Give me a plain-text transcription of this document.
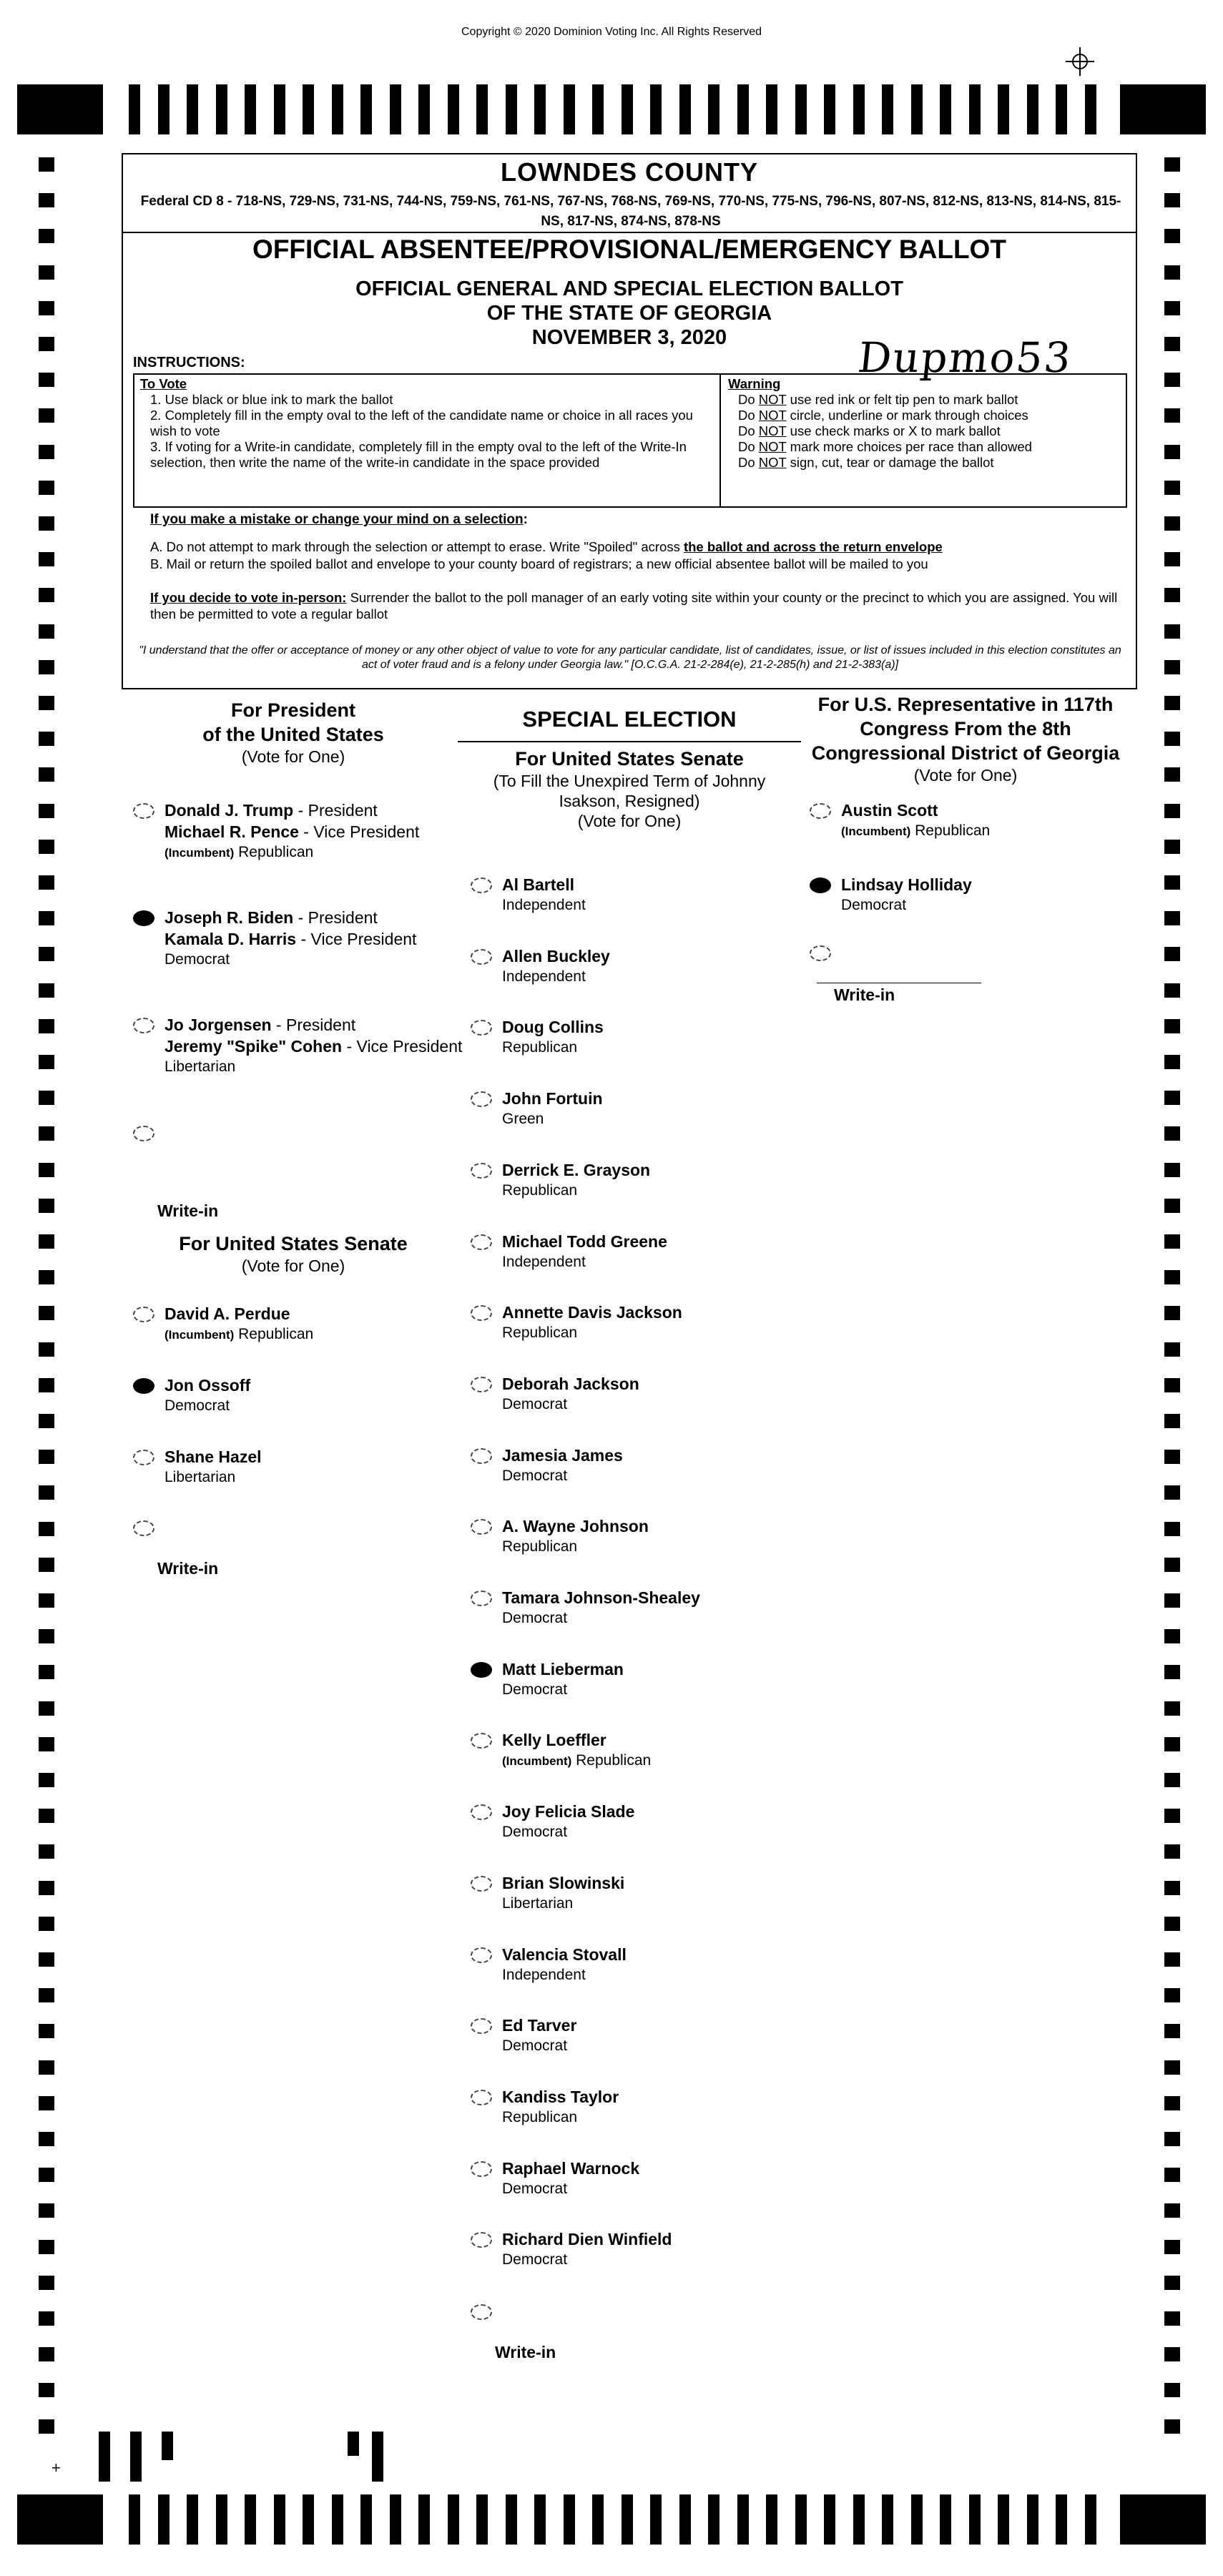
Copyright © 2020 Dominion Voting Inc. All Rights Reserved
+
LOWNDES COUNTY
Federal CD 8 - 718-NS, 729-NS, 731-NS, 744-NS, 759-NS, 761-NS, 767-NS, 768-NS, 769-NS, 770-NS, 775-NS, 796-NS, 807-NS, 812-NS, 813-NS, 814-NS, 815-NS, 817-NS, 874-NS, 878-NS
OFFICIAL ABSENTEE/PROVISIONAL/EMERGENCY BALLOT
OFFICIAL GENERAL AND SPECIAL ELECTION BALLOT
OF THE STATE OF GEORGIA
NOVEMBER 3, 2020
INSTRUCTIONS:
To Vote
1. Use black or blue ink to mark the ballot
2. Completely fill in the empty oval to the left of the candidate name or choice in all races you wish to vote
3. If voting for a Write-in candidate, completely fill in the empty oval to the left of the Write-In selection, then write the name of the write-in candidate in the space provided
Warning
Do NOT use red ink or felt tip pen to mark ballot
Do NOT circle, underline or mark through choices
Do NOT use check marks or X to mark ballot
Do NOT mark more choices per race than allowed
Do NOT sign, cut, tear or damage the ballot
If you make a mistake or change your mind on a selection:
A. Do not attempt to mark through the selection or attempt to erase. Write "Spoiled" across the ballot and across the return envelope
B. Mail or return the spoiled ballot and envelope to your county board of registrars; a new official absentee ballot will be mailed to you
If you decide to vote in-person: Surrender the ballot to the poll manager of an early voting site within your county or the precinct to which you are assigned. You will then be permitted to vote a regular ballot
"I understand that the offer or acceptance of money or any other object of value to vote for any particular candidate, list of candidates, issue, or list of issues included in this election constitutes an act of voter fraud and is a felony under Georgia law." [O.C.G.A. 21-2-284(e), 21-2-285(h) and 21-2-383(a)]
Dupmo53
For President
of the United States
(Vote for One)
Donald J. Trump - President
Michael R. Pence - Vice President
(Incumbent) Republican
Joseph R. Biden - President
Kamala D. Harris - Vice President
Democrat
Jo Jorgensen - President
Jeremy "Spike" Cohen - Vice President
Libertarian
Write-in
For United States Senate
(Vote for One)
David A. Perdue
(Incumbent) Republican
Jon Ossoff
Democrat
Shane Hazel
Libertarian
Write-in
SPECIAL ELECTION
For United States Senate
(To Fill the Unexpired Term of Johnny
Isakson, Resigned)
(Vote for One)
Al Bartell
Independent
Allen Buckley
Independent
Doug Collins
Republican
John Fortuin
Green
Derrick E. Grayson
Republican
Michael Todd Greene
Independent
Annette Davis Jackson
Republican
Deborah Jackson
Democrat
Jamesia James
Democrat
A. Wayne Johnson
Republican
Tamara Johnson-Shealey
Democrat
Matt Lieberman
Democrat
Kelly Loeffler
(Incumbent) Republican
Joy Felicia Slade
Democrat
Brian Slowinski
Libertarian
Valencia Stovall
Independent
Ed Tarver
Democrat
Kandiss Taylor
Republican
Raphael Warnock
Democrat
Richard Dien Winfield
Democrat
Write-in
For U.S. Representative in 117th
Congress From the 8th
Congressional District of Georgia
(Vote for One)
Austin Scott
(Incumbent) Republican
Lindsay Holliday
Democrat
Write-in
